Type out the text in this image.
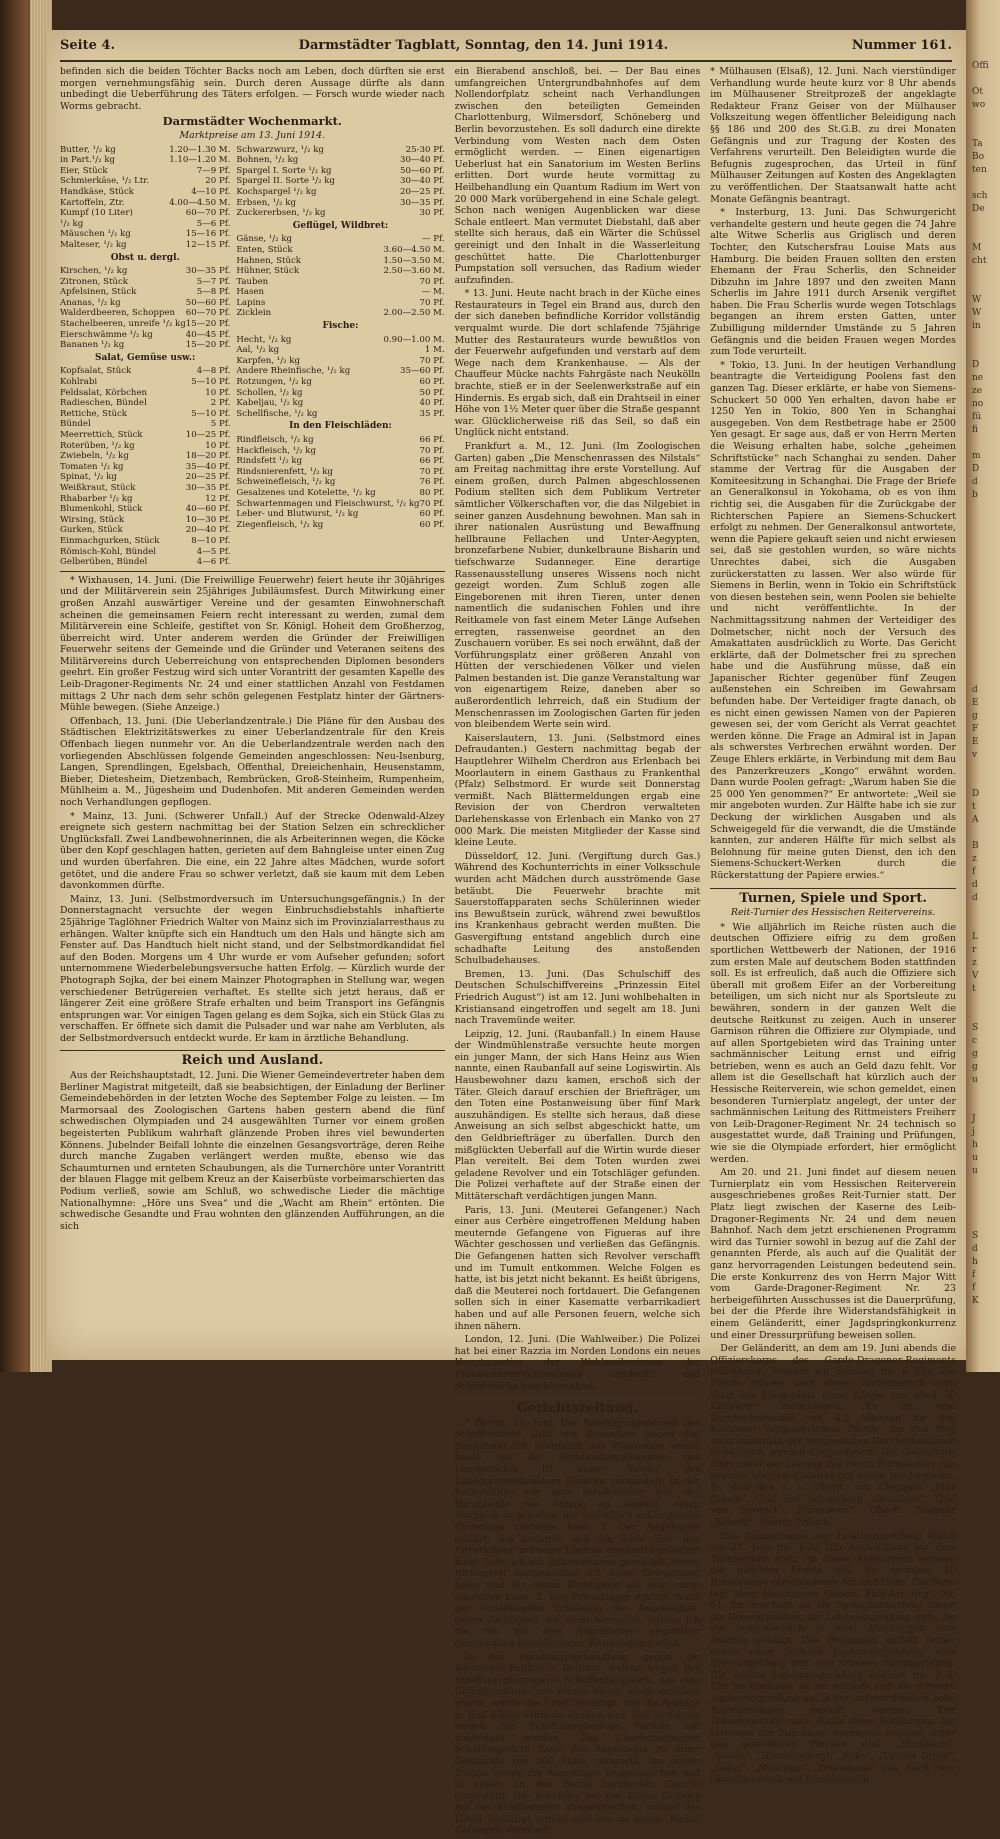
Seite 4.	Darmstädter Tagblatt, Sonntag, den 14. Juni 1914.	Nummer 161.

befinden sich die beiden Töchter Backs noch am Leben, doch dürften sie erst morgen vernehmungsfähig sein. Durch deren Aussage dürfte als dann unbedingt die Ueberführung des Täters erfolgen. — Forsch wurde wieder nach Worms gebracht.

Darmstädter Wochenmarkt.
Marktpreise am 13. Juni 1914.
Butter, ¹/₂ kg	1.20—1.30 M.
in Part.¹/₂ kg	1.10—1.20 M.
Eier, Stück	7—9 Pf.
Schmierkäse, ¹/₂ Ltr.	20 Pf.
Handkäse, Stück	4—10 Pf.
Kartoffeln, Ztr.	4.00—4.50 M.
Kumpf (10 Liter)	60—70 Pf.
¹/₂ kg	5—6 Pf.
Mäuschen ¹/₂ kg	15—16 Pf.
Malteser, ¹/₂ kg	12—15 Pf.
Obst u. dergl.
Kirschen, ¹/₂ kg	30—35 Pf.
Zitronen, Stück	5—7 Pf.
Apfelsinen, Stück	5—8 Pf.
Ananas, ¹/₂ kg	50—60 Pf.
Walderdbeeren, Schoppen 60—70 Pf.
Stachelbeeren, unreife ¹/₂ kg 15—20 Pf.
Eierschwämme ¹/₂ kg	40—45 Pf.
Bananen ¹/₂ kg	15—20 Pf.
Salat, Gemüse usw.:
Kopfsalat, Stück	4—8 Pf.
Kohlrabi	5—10 Pf.
Feldsalat, Körbchen	10 Pf.
Radieschen, Bündel	2 Pf.
Rettiche, Stück	5—10 Pf.
Bündel	5 Pf.
Meerrettich, Stück	10—25 Pf.
Roterüben, ¹/₂ kg	10 Pf.
Zwiebeln, ¹/₂ kg	18—20 Pf.
Tomaten ¹/₂ kg	35—40 Pf.
Spinat, ¹/₂ kg	20—25 Pf.
Weißkraut, Stück	30—35 Pf.
Rhabarber ¹/₂ kg	12 Pf.
Blumenkohl, Stück	40—60 Pf.
Wirsing, Stück	10—30 Pf.
Gurken, Stück	20—40 Pf.
Einmachgurken, Stück	8—10 Pf.
Römisch-Kohl, Bündel	4—5 Pf.
Gelberüben, Bündel	4—6 Pf.
Schwarzwurz, ¹/₂ kg	25-30 Pf.
Bohnen, ¹/₂ kg	30—40 Pf.
Spargel I. Sorte ¹/₂ kg	50—60 Pf.
Spargel II. Sorte ¹/₂ kg	30—40 Pf.
Kochspargel ¹/₂ kg	20—25 Pf.
Erbsen, ¹/₂ kg	30—35 Pf.
Zuckererbsen, ¹/₂ kg	30 Pf.
Geflügel, Wildbret:
Gänse, ¹/₂ kg	— Pf.
Enten, Stück	3.60—4.50 M.
Hahnen, Stück	1.50—3.50 M.
Hühner, Stück	2.50—3.60 M.
Tauben	70 Pf.
Hasen	— M.
Lapins	70 Pf.
Zicklein	2.00—2.50 M.
Fische:
Hecht, ¹/₂ kg	0.90—1.00 M.
Aal, ¹/₂ kg	1 M.
Karpfen, ¹/₂ kg	70 Pf.
Andere Rheinfische, ¹/₂ kg	35—60 Pf.
Rotzungen, ¹/₂ kg	60 Pf.
Schollen, ¹/₂ kg	50 Pf.
Kabeljau, ¹/₂ kg	40 Pf.
Schellfische, ¹/₂ kg	35 Pf.
In den Fleischläden:
Rindfleisch, ¹/₂ kg	66 Pf.
Hackfleisch, ¹/₂ kg	70 Pf.
Rindsfett ¹/₂ kg	66 Pf.
Rindsnierenfett, ¹/₂ kg	70 Pf.
Schweinefleisch, ¹/₂ kg	76 Pf.
Gesalzenes und Kotelette, ¹/₂ kg	80 Pf.
Schwartenmagen und Fleischwurst, ¹/₂ kg 70 Pf.
Leber- und Blutwurst, ¹/₂ kg	60 Pf.
Ziegenfleisch, ¹/₂ kg	60 Pf.

* Wixhausen, 14. Juni. (Die Freiwillige Feuerwehr) feiert heute ihr 30jähriges und der Militärverein sein 25jähriges Jubiläumsfest. Durch Mitwirkung einer großen Anzahl auswärtiger Vereine und der gesamten Einwohnerschaft scheinen die gemeinsamen Feiern recht interessant zu werden, zumal dem Militärverein eine Schleife, gestiftet von Sr. Königl. Hoheit dem Großherzog, überreicht wird. Unter anderem werden die Gründer der Freiwilligen Feuerwehr seitens der Gemeinde und die Gründer und Veteranen seitens des Militärvereins durch Ueberreichung von entsprechenden Diplomen besonders geehrt. Ein großer Festzug wird sich unter Vorantritt der gesamten Kapelle des Leib-Dragoner-Regiments Nr. 24 und einer stattlichen Anzahl von Festdamen mittags 2 Uhr nach dem sehr schön gelegenen Festplatz hinter der Gärtners-Mühle bewegen. (Siehe Anzeige.)

Offenbach, 13. Juni. (Die Ueberlandzentrale.) Die Pläne für den Ausbau des Städtischen Elektrizitätswerkes zu einer Ueberlandzentrale für den Kreis Offenbach liegen nunmehr vor. An die Ueberlandzentrale werden nach den vorliegenden Abschlüssen folgende Gemeinden angeschlossen: Neu-Isenburg, Langen, Sprendlingen, Egelsbach, Offenthal, Dreieichenhain, Heusenstamm, Bieber, Dietesheim, Dietzenbach, Rembrücken, Groß-Steinheim, Rumpenheim, Mühlheim a. M., Jügesheim und Dudenhofen. Mit anderen Gemeinden werden noch Verhandlungen gepflogen.

* Mainz, 13. Juni. (Schwerer Unfall.) Auf der Strecke Odenwald-Alzey ereignete sich gestern nachmittag bei der Station Selzen ein schrecklicher Unglücksfall. Zwei Landbewohnerinnen, die als Arbeiterinnen wegen, die Köcke über den Kopf geschlagen hatten, gerieten auf dem Bahngleise unter einen Zug und wurden überfahren. Die eine, ein 22 Jahre altes Mädchen, wurde sofort getötet, und die andere Frau so schwer verletzt, daß sie kaum mit dem Leben davonkommen dürfte.

Mainz, 13. Juni. (Selbstmordversuch im Untersuchungsgefängnis.) In der Donnerstagnacht versuchte der wegen Einbruchsdiebstahls inhaftierte 25jährige Taglöhner Friedrich Walter von Mainz sich im Provinzialarresthaus zu erhängen. Walter knüpfte sich ein Handtuch um den Hals und hängte sich am Fenster auf. Das Handtuch hielt nicht stand, und der Selbstmordkandidat fiel auf den Boden. Morgens um 4 Uhr wurde er vom Aufseher gefunden; sofort unternommene Wiederbelebungsversuche hatten Erfolg. — Kürzlich wurde der Photograph Sojka, der bei einem Mainzer Photographen in Stellung war, wegen verschiedener Betrügereien verhaftet. Es stellte sich jetzt heraus, daß er längerer Zeit eine größere Strafe erhalten und beim Transport ins Gefängnis entsprungen war. Vor einigen Tagen gelang es dem Sojka, sich ein Stück Glas zu verschaffen. Er öffnete sich damit die Pulsader und war nahe am Verbluten, als der Selbstmordversuch entdeckt wurde. Er kam in ärztliche Behandlung.

Reich und Ausland.

Aus der Reichshauptstadt, 12. Juni. Die Wiener Gemeindevertreter haben dem Berliner Magistrat mitgeteilt, daß sie beabsichtigen, der Einladung der Berliner Gemeindebehörden in der letzten Woche des September Folge zu leisten. — Im Marmorsaal des Zoologischen Gartens haben gestern abend die fünf schwedischen Olympiaden und 24 ausgewählten Turner vor einem großen begeisterten Publikum wahrhaft glänzende Proben ihres viel bewunderten Könnens. Jubelnder Beifall lohnte die einzelnen Gesangsvorträge, deren Reihe durch manche Zugaben verlängert werden mußte, ebenso wie das Schaumturnen und ernteten Schaubungen, als die Turnerchöre unter Vorantritt der blauen Flagge mit gelbem Kreuz an der Kaiserbüste vorbeimarschierten das Podium verließ, sowie am Schluß, wo schwedische Lieder die mächtige Nationalhymne: „Höre uns Svea“ und die „Wacht am Rhein“ ertönten. Die schwedische Gesandte und Frau wohnten den glänzenden Aufführungen, an die sich

ein Bierabend anschloß, bei. — Der Bau eines umfangreichen Untergrundbahnhofes auf dem Nollendorfplatz scheint nach Verhandlungen zwischen den beteiligten Gemeinden Charlottenburg, Wilmersdorf, Schöneberg und Berlin bevorzustehen. Es soll dadurch eine direkte Verbindung vom Westen nach dem Osten ermöglicht werden. — Einen eigenartigen Ueberlust hat ein Sanatorium im Westen Berlins erlitten. Dort wurde heute vormittag zu Heilbehandlung ein Quantum Radium im Wert von 20 000 Mark vorübergehend in eine Schale gelegt. Schon nach wenigen Augenblicken war diese Schale entleert. Man vermutet Diebstahl, daß aber stellte sich heraus, daß ein Wärter die Schüssel gereinigt und den Inhalt in die Wasserleitung geschüttet hatte. Die Charlottenburger Pumpstation soll versuchen, das Radium wieder aufzufinden.

* 13. Juni. Heute nacht brach in der Küche eines Restaurateurs in Tegel ein Brand aus, durch den der sich daneben befindliche Korridor vollständig verqualmt wurde. Die dort schlafende 75jährige Mutter des Restaurateurs wurde bewußtlos von der Feuerwehr aufgefunden und verstarb auf dem Wege nach dem Krankenhause. — Als der Chauffeur Mücke nachts Fahrgäste nach Neukölln brachte, stieß er in der Seelenwerkstraße auf ein Hindernis. Es ergab sich, daß ein Drahtseil in einer Höhe von 1½ Meter quer über die Straße gespannt war. Glücklicherweise riß das Seil, so daß ein Unglück nicht entstand.

Frankfurt a. M., 12. Juni. (Im Zoologischen Garten) gaben „Die Menschenrassen des Nilstals“ am Freitag nachmittag ihre erste Vorstellung. Auf einem großen, durch Palmen abgeschlossenen Podium stellten sich dem Publikum Vertreter sämtlicher Völkerschaften vor, die das Nilgebiet in seiner ganzen Ausdehnung bewohnen. Man sah in ihrer nationalen Ausrüstung und Bewaffnung hellbraune Fellachen und Unter-Aegypten, bronzefarbene Nubier, dunkelbraune Bisharin und tiefschwarze Sudanneger. Eine derartige Rassenausstellung unseres Wissens noch nicht gezeigt worden. Zum Schluß zogen alle Eingeborenen mit ihren Tieren, unter denen namentlich die sudanischen Fohlen und ihre Reitkamele von fast einem Meter Länge Aufsehen erregten, rassenweise geordnet an den Zuschauern vorüber. Es sei noch erwähnt, daß der Vorführungsplatz einer größeren Anzahl von Hütten der verschiedenen Völker und vielen Palmen bestanden ist. Die ganze Veranstaltung war von eigenartigem Reize, daneben aber so außerordentlich lehrreich, daß ein Studium der Menschenrassen im Zoologischen Garten für jeden von bleibendem Werte sein wird.

Kaiserslautern, 13. Juni. (Selbstmord eines Defraudanten.) Gestern nachmittag begab der Hauptlehrer Wilhelm Cherdron aus Erlenbach bei Moorlautern in einem Gasthaus zu Frankenthal (Pfalz) Selbstmord. Er wurde seit Donnerstag vermißt. Nach Blättermeldungen ergab eine Revision der von Cherdron verwalteten Darlehenskasse von Erlenbach ein Manko von 27 000 Mark. Die meisten Mitglieder der Kasse sind kleine Leute.

Düsseldorf, 12. Juni. (Vergiftung durch Gas.) Während des Kochunterrichts in einer Volksschule wurden acht Mädchen durch ausströmende Gase betäubt. Die Feuerwehr brachte mit Sauerstoffapparaten sechs Schülerinnen wieder ins Bewußtsein zurück, während zwei bewußtlos ins Krankenhaus gebracht werden mußten. Die Gasvergiftung entstand angeblich durch eine schadhafte Leitung des anstoßenden Schulbadehauses.

Bremen, 13. Juni. (Das Schulschiff des Deutschen Schulschiffvereins „Prinzessin Eitel Friedrich August“) ist am 12. Juni wohlbehalten in Kristiansand eingetroffen und segelt am 18. Juni nach Travemünde weiter.

Leipzig, 12. Juni. (Raubanfall.) In einem Hause der Windmühlenstraße versuchte heute morgen ein junger Mann, der sich Hans Heinz aus Wien nannte, einen Raubanfall auf seine Logiswirtin. Als Hausbewohner dazu kamen, erschoß sich der Täter. Gleich darauf erschien der Briefträger, um den Toten eine Postanweisung über fünf Mark auszuhändigen. Es stellte sich heraus, daß diese Anweisung an sich selbst abgeschickt hatte, um den Geldbriefträger zu überfallen. Durch den mißglückten Ueberfall auf die Wirtin wurde dieser Plan vereitelt. Bei dem Toten wurden zwei geladene Revolver und ein Totschläger gefunden. Die Polizei verhaftete auf der Straße einen der Mittäterschaft verdächtigen jungen Mann.

Paris, 13. Juni. (Meuterei Gefangener.) Nach einer aus Cerbère eingetroffenen Meldung haben meuternde Gefangene von Figueras auf ihre Wächter geschossen und verließen das Gefängnis. Die Gefangenen hatten sich Revolver verschafft und im Tumult entkommen. Welche Folgen es hatte, ist bis jetzt nicht bekannt. Es heißt übrigens, daß die Meuterei noch fortdauert. Die Gefangenen sollen sich in einer Kasematte verbarrikadiert haben und auf alle Personen feuern, welche sich ihnen nähern.

London, 12. Juni. (Die Wahlweiber.) Die Polizei hat bei einer Razzia im Norden Londons ein neues Hauptquartier der Wahlweiberinnen der Frauenstimmrechtlerinnen entdeckt und Schriftstücke beschlagnahmt.

Gerichtszeitung.

* Berlin, 12. Juni. Der Beleidigungsprozeß des Schriftstellers Graf von Reventlow gegen den Sanitätsrat Dr. Dornblüth aus Wiesbaden wurde heute vor der Berufungsstrafkammer des Landgerichts III unter Vorsitz des Landgerichtsdirektors Ehrecke verhandelt. In der Verhandlung vor dem Strafkammer war der Vorsitzende von Anfang an bemüht, einen Vergleich zu schaffen, der schließlich auf folgender Grundlage zustande kam: 1. Der Angeklagte erklärt: Ich bedaure, daß ich mich über den Privatkläger und seine Ehefrau ungünstig geäußert habe, habe ich aus Informationen geschöpft, deren Richtigkeit nachzuprüfen ich keine Gelegenheit hatte und für deren Richtigkeit ich jetzt nicht einstehen kann. 2. Der Privatkläger erklärt: Nach der vorstehenden Erklärung des Angeklagten, deren Richtigkeit ich nicht bezweifle, nehme ich die von mir dem Angeklagten gegenüber gebrauchten beleidigenden Wendungen zurück.

In der Berufungsverhandlung gegen die Baronesse Pauline v. Bethusy, welche wegen des Schiffsbergbetrügerei Schöffenbergwerk, das eine Gefängnisstrafe von einem Monat ausgesprochen wurde, wurde das Urteil bestätigt, daß die Anklage in fünf Fällen erhoben worden war. Das Verfahren wegen des Schiffsbergbetrugs Vorfalls soll eingestellt werden. Das Charlottenburger Schöffengericht hatte die Angeklagte zu einer Geldstrafe von 300 Mark verurteilt. Im ersten Termin wurde die Angeklagte freigesprochen und in einem an den Baron berühmten Gericht eingestellt. Die Berufung hat der Baron Bethusy mit der Strafkammer ausgesprochen, worauf das Urteil bestätigt wurde und sie zu einem Monat Gefängnis verurteilt.

* Mülhausen (Elsaß), 12. Juni. Nach vierstündiger Verhandlung wurde heute kurz vor 8 Uhr abends im Mülhausener Streitprozeß der angeklagte Redakteur Franz Geiser von der Mülhauser Volkszeitung wegen öffentlicher Beleidigung nach §§ 186 und 200 des St.G.B. zu drei Monaten Gefängnis und zur Tragung der Kosten des Verfahrens verurteilt. Den Beleidigten wurde die Befugnis zugesprochen, das Urteil in fünf Mülhauser Zeitungen auf Kosten des Angeklagten zu veröffentlichen. Der Staatsanwalt hatte acht Monate Gefängnis beantragt.

* Insterburg, 13. Juni. Das Schwurgericht verhandelte gestern und heute gegen die 74 Jahre alte Witwe Scherlis aus Griglisch und deren Tochter, den Kutschersfrau Louise Mats aus Hamburg. Die beiden Frauen sollten den ersten Ehemann der Frau Scherlis, den Schneider Dibzuhn im Jahre 1897 und den zweiten Mann Scherlis im Jahre 1911 durch Arsenik vergiftet haben. Die Frau Scherlis wurde wegen Totschlags begangen an ihrem ersten Gatten, unter Zubilligung mildernder Umstände zu 5 Jahren Gefängnis und die beiden Frauen wegen Mordes zum Tode verurteilt.

* Tokio, 13. Juni. In der heutigen Verhandlung beantragte die Verteidigung Poolens fast den ganzen Tag. Dieser erklärte, er habe von Siemens-Schuckert 50 000 Yen erhalten, davon habe er 1250 Yen in Tokio, 800 Yen in Schanghai ausgegeben. Von dem Restbetrage habe er 2500 Yen gesagt. Er sage aus, daß er von Herrn Merten die Weisung erhalten habe, solche „geheimen Schriftstücke“ nach Schanghai zu senden. Daher stamme der Vertrag für die Ausgaben der Komiteesitzung in Schanghai. Die Frage der Briefe an Generalkonsul in Yokohama, ob es von ihm richtig sei, die Ausgaben für die Zurückgabe der Richterschen Papiere an Siemens-Schuckert erfolgt zu nehmen. Der Generalkonsul antwortete, wenn die Papiere gekauft seien und nicht erwiesen sei, daß sie gestohlen wurden, so wäre nichts Unrechtes dabei, sich die Ausgaben zurückerstatten zu lassen. Wer also würde für Siemens in Berlin, wenn in Tokio ein Schriftstück von diesen bestehen sein, wenn Poolen sie behielte und nicht veröffentlichte. In der Nachmittagssitzung nahmen der Verteidiger des Dolmetscher, nicht noch der Versuch des Amakattaten ausdrücklich zu Worte. Das Gericht erklärte, daß der Dolmetscher frei zu sprechen habe und die Ausführung müsse, daß ein Japanischer Richter gegenüber fünf Zeugen außenstehen ein Schreiben im Gewahrsam befunden habe. Der Verteidiger fragte danach, ob es nicht einen gewissen Namen von der Papieren gewesen sei, der vom Gericht als Verrat geachtet werden könne. Die Frage an Admiral ist in Japan als schwerstes Verbrechen erwähnt worden. Der Zeuge Ehlers erklärte, in Verbindung mit dem Bau des Panzerkreuzers „Kongo“ erwähnt worden. Dann wurde Poolen gefragt: „Warum haben Sie die 25 000 Yen genommen?“ Er antwortete: „Weil sie mir angeboten wurden. Zur Hälfte habe ich sie zur Deckung der wirklichen Ausgaben und als Schweigegeld für die verwandt, die die Umstände kannten, zur anderen Hälfte für mich selbst als Belohnung für meine guten Dienst, den ich den Siemens-Schuckert-Werken durch die Rückerstattung der Papiere erwies.“

Turnen, Spiele und Sport.
Reit-Turnier des Hessischen Reitervereins.

* Wie alljährlich im Reiche rüsten auch die deutschen Offiziere eifrig zu dem großen sportlichen Wettbewerb der Nationen, der 1916 zum ersten Male auf deutschem Boden stattfinden soll. Es ist erfreulich, daß auch die Offiziere sich überall mit großem Eifer an der Vorbereitung beteiligen, um sich nicht nur als Sportsleute zu bewähren, sondern in der ganzen Welt die deutsche Reitkunst zu zeigen. Auch in unserer Garnison rühren die Offiziere zur Olympiade, und auf allen Sportgebieten wird das Training unter sachmännischer Leitung ernst und eifrig betrieben, wenn es auch an Geld dazu fehlt. Vor allem ist die Gesellschaft hat kürzlich auch der Hessische Reiterverein, wie schon gemeldet, einen besonderen Turnierplatz angelegt, der unter der sachmännischen Leitung des Rittmeisters Freiherr von Leib-Dragoner-Regiment Nr. 24 technisch so ausgestattet wurde, daß Training und Prüfungen, wie sie die Olympiade erfordert, hier ermöglicht werden.

Am 20. und 21. Juni findet auf diesem neuen Turnierplatz ein vom Hessischen Reiterverein ausgeschriebenes großes Reit-Turnier statt. Der Platz liegt zwischen der Kaserne des Leib-Dragoner-Regiments Nr. 24 und dem neuen Bahnhof. Nach dem jetzt erschienenen Programm wird das Turnier sowohl in bezug auf die Zahl der genannten Pferde, als auch auf die Qualität der ganz hervorragenden Leistungen bedeutend sein. Die erste Konkurrenz des von Herrn Major Witt vom Garde-Dragoner-Regiment Nr. 23 herbeigeführten Ausschusses ist die Dauerprüfung, bei der die Pferde ihre Widerstandsfähigkeit in einem Geländeritt, einer Jagdspringkonkurrenz und einer Dressurprüfung beweisen sollen.

Der Geländeritt, an dem am 19. Juni abends die Offizierskorps des Garde-Dragoner-Regiments teilnehmen, beginnt am Sonntag um 6 Uhr. Die Pferde müssen nach einem Vorbeimarsch beim Start am Hauptplatz einer Länge von etwa 30 Kilometer zurücklegen. Es ist eine Durchschnittszeit von 4,5 Minuten für den Kilometer vorgeschrieben. Pferde, die den Weg nicht innerhalb der festgesetzten Durchschnittszeit bewältigen, werden disqualifiziert. Der Geländeritt führt unter der Leitung des Herrn Rittmeisters von Bremen über ein Gelände mit vielen Hindernissen. Es sind das u. a. Oberlt. von Chappuis „Max Queen“, Graf von Schaesberg „Grundsee“, Graf von Sporeck „Ehrenwort“, Oberlt. Niebuhr „Kobold“, Oberlt. Fritsch.

Das Jagdspringen der Leistungsprüfung findet am 21. Juni um 1.30 Uhr nachmittags auf dem Turnierplatz statt. An dieser Konkurrenz nehmen die gleichen Pferde teil. Es springen 10 Hindernisse verschiedener Art und Höhe. Die Bahn legt Herr Hauptmann Gebert, Feld-Art.-Regt. Nr. 61. Im Anschluß an die Springkonkurrenz findet die Dressurprüfung der Leistungsprüfung statt, die vor ausschließlich in zwei Abteilungen zum Austrag gelangt. Das Programm enthält ferner neben einer leichten Jagdspringprüfung, eine Dressurprüfung und eine schwere Springprüfung. Die leichte Jagdspringprüfung beginnt um 3.30 Uhr nachmittags; an sie schließt sich die schwere Jagdspringprüfung an, in der außerordentlich hohe Anforderungen gestellt werden. Der Teilnehmerzahl nach dürfte diese Konkurrenz das Interesse der Zuschauer besonders erregen, unter den gemeldeten Pferden sind: „Hornbach“, „Golatt“, „Himmelsberg“, „Fuks“, „Timber Toper“, „Judas“, „Mascotte“, „Brummane“ usw. Auch Herr Oberstleutnant von Brandenstein

Offi

Ot
wo

Ta
Bo
ten

sch
De

M
cht

W
W
in

D
ne
ze
no
fü
fi

m
D
d
b

d
E
g
F
E
v

D
t
A

B
z
f
d
d

L
r
z
V
t

S
c
g
g
u

J
j
h
u
u

S
d
h
f
f
K
